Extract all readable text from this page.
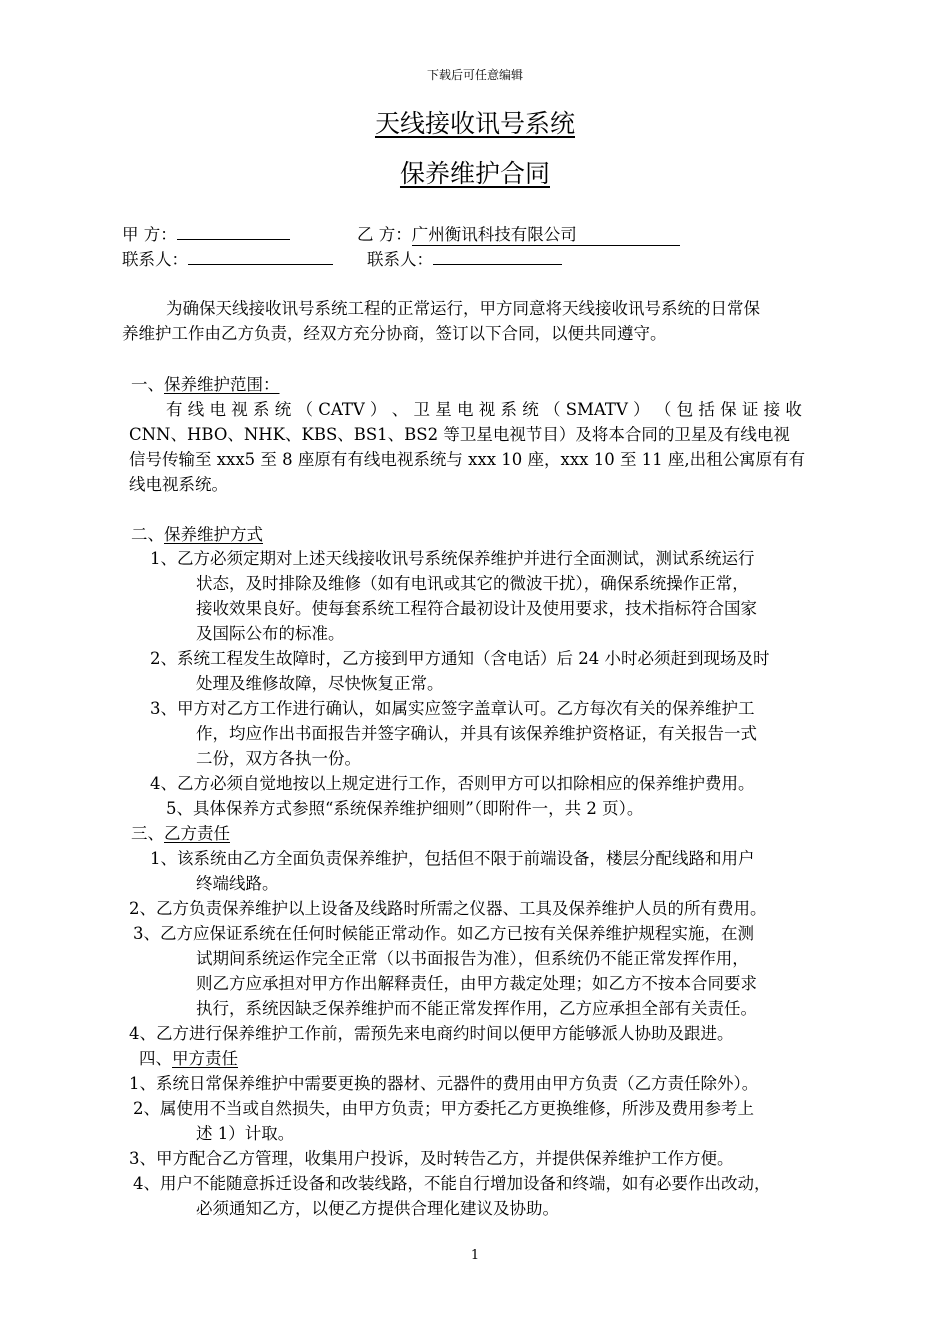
下载后可任意编辑
天线接收讯号系统
保养维护合同
甲 方：	乙 方：广州衡讯科技有限公司
联系人：	联系人：
为确保天线接收讯号系统工程的正常运行，甲方同意将天线接收讯号系统的日常保
养维护工作由乙方负责，经双方充分协商，签订以下合同，以便共同遵守。
一、保养维护范围：
有 线 电 视 系 统 （ CATV ） 、 卫 星 电 视 系 统 （ SMATV ） （ 包 括 保 证 接 收
CNN、HBO、NHK、KBS、BS1、BS2 等卫星电视节目）及将本合同的卫星及有线电视
信号传输至 xxx5 至 8 座原有有线电视系统与 xxx 10 座，xxx 10 至 11 座,出租公寓原有有
线电视系统。
二、保养维护方式
1、乙方必须定期对上述天线接收讯号系统保养维护并进行全面测试，测试系统运行
状态，及时排除及维修（如有电讯或其它的微波干扰），确保系统操作正常，
接收效果良好。使每套系统工程符合最初设计及使用要求，技术指标符合国家
及国际公布的标准。
2、系统工程发生故障时，乙方接到甲方通知（含电话）后 24 小时必须赶到现场及时
处理及维修故障，尽快恢复正常。
3、甲方对乙方工作进行确认，如属实应签字盖章认可。乙方每次有关的保养维护工
作，均应作出书面报告并签字确认，并具有该保养维护资格证，有关报告一式
二份，双方各执一份。
4、乙方必须自觉地按以上规定进行工作，否则甲方可以扣除相应的保养维护费用。
5、具体保养方式参照“系统保养维护细则”（即附件一，共 2 页）。
三、乙方责任
1、该系统由乙方全面负责保养维护，包括但不限于前端设备，楼层分配线路和用户
终端线路。
2、乙方负责保养维护以上设备及线路时所需之仪器、工具及保养维护人员的所有费用。
3、乙方应保证系统在任何时候能正常动作。如乙方已按有关保养维护规程实施，在测
试期间系统运作完全正常（以书面报告为准），但系统仍不能正常发挥作用，
则乙方应承担对甲方作出解释责任，由甲方裁定处理；如乙方不按本合同要求
执行，系统因缺乏保养维护而不能正常发挥作用，乙方应承担全部有关责任。
4、乙方进行保养维护工作前，需预先来电商约时间以便甲方能够派人协助及跟进。
四、甲方责任
1、系统日常保养维护中需要更换的器材、元器件的费用由甲方负责（乙方责任除外）。
2、属使用不当或自然损失，由甲方负责；甲方委托乙方更换维修，所涉及费用参考上
述 1）计取。
3、甲方配合乙方管理，收集用户投诉，及时转告乙方，并提供保养维护工作方便。
4、用户不能随意拆迁设备和改装线路，不能自行增加设备和终端，如有必要作出改动，
必须通知乙方，以便乙方提供合理化建议及协助。
1
